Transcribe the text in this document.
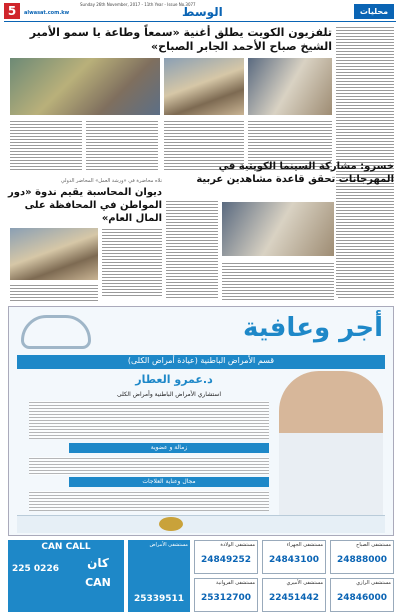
5	alwasat.com.kw
Sunday 26th November, 2017 - 11th Year - Issue No.3077
الوسط	محليات
تلفزيون الكويت يطلق أغنية «سمعاً وطاعة يا سمو الأمير الشيخ صباح الأحمد الجابر الصباح»
خسرو: مشاركة السينما الكويتية في المهرجانات تحقق قاعدة مشاهدين عربية
تلاه محاضرة في «ورشة العمل» المحاضر الدولي
ديوان المحاسبة يقيم ندوة «دور المواطن في المحافظة على المال العام»
أجر وعافية
قسم الأمراض الباطنية (عيادة أمراض الكلى)
د.عمرو العطار
استشاري الأمراض الباطنية وأمراض الكلى
زمالة و عضوية
مجال وعناية العلاجات
CAN CALL
225 0226	كان
CAN
مستشفى الصباح
24888000
مستشفى الجهراء
24843100
مستشفى الولادة
24849252
مستشفى الرازي
24846000
مستشفى الأميري
22451442
مستشفى الفروانية
25312700
مستشفى الأمراض
25339511
